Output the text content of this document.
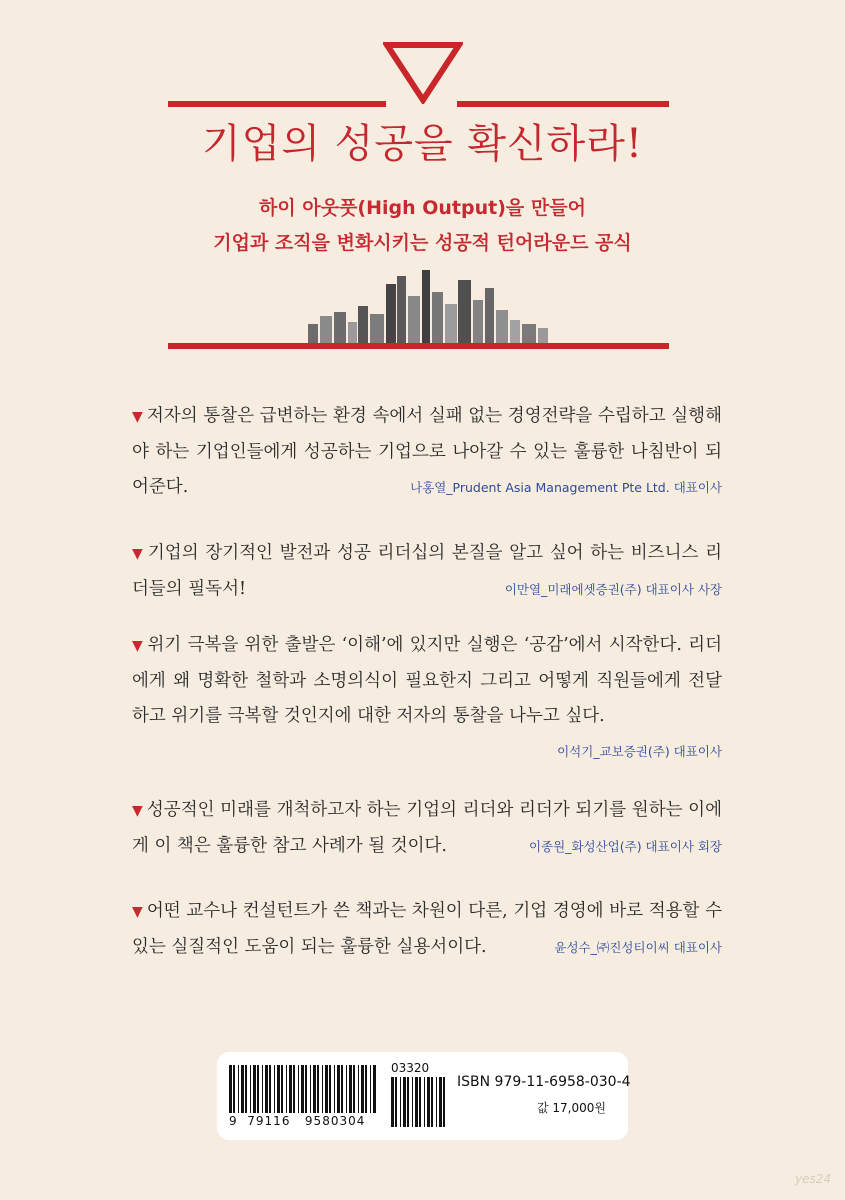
기업의 성공을 확신하라!

하이 아웃풋(High Output)을 만들어

기업과 조직을 변화시키는 성공적 턴어라운드 공식

▼ 저자의 통찰은 급변하는 환경 속에서 실패 없는 경영전략을 수립하고 실행해야 하는 기업인들에게 성공하는 기업으로 나아갈 수 있는 훌륭한 나침반이 되어준다.	나홍열_Prudent Asia Management Pte Ltd. 대표이사

▼ 기업의 장기적인 발전과 성공 리더십의 본질을 알고 싶어 하는 비즈니스 리더들의 필독서!	이만열_미래에셋증권(주) 대표이사 사장

▼ 위기 극복을 위한 출발은 ‘이해’에 있지만 실행은 ‘공감’에서 시작한다. 리더에게 왜 명확한 철학과 소명의식이 필요한지 그리고 어떻게 직원들에게 전달하고 위기를 극복할 것인지에 대한 저자의 통찰을 나누고 싶다.
이석기_교보증권(주) 대표이사

▼ 성공적인 미래를 개척하고자 하는 기업의 리더와 리더가 되기를 원하는 이에게 이 책은 훌륭한 참고 사례가 될 것이다.	이종원_화성산업(주) 대표이사 회장

▼ 어떤 교수나 컨설턴트가 쓴 책과는 차원이 다른, 기업 경영에 바로 적용할 수 있는 실질적인 도움이 되는 훌륭한 실용서이다.	윤성수_㈜진성티이씨 대표이사

9 79116 9580304
03320
ISBN 979-11-6958-030-4
값 17,000원
yes24
